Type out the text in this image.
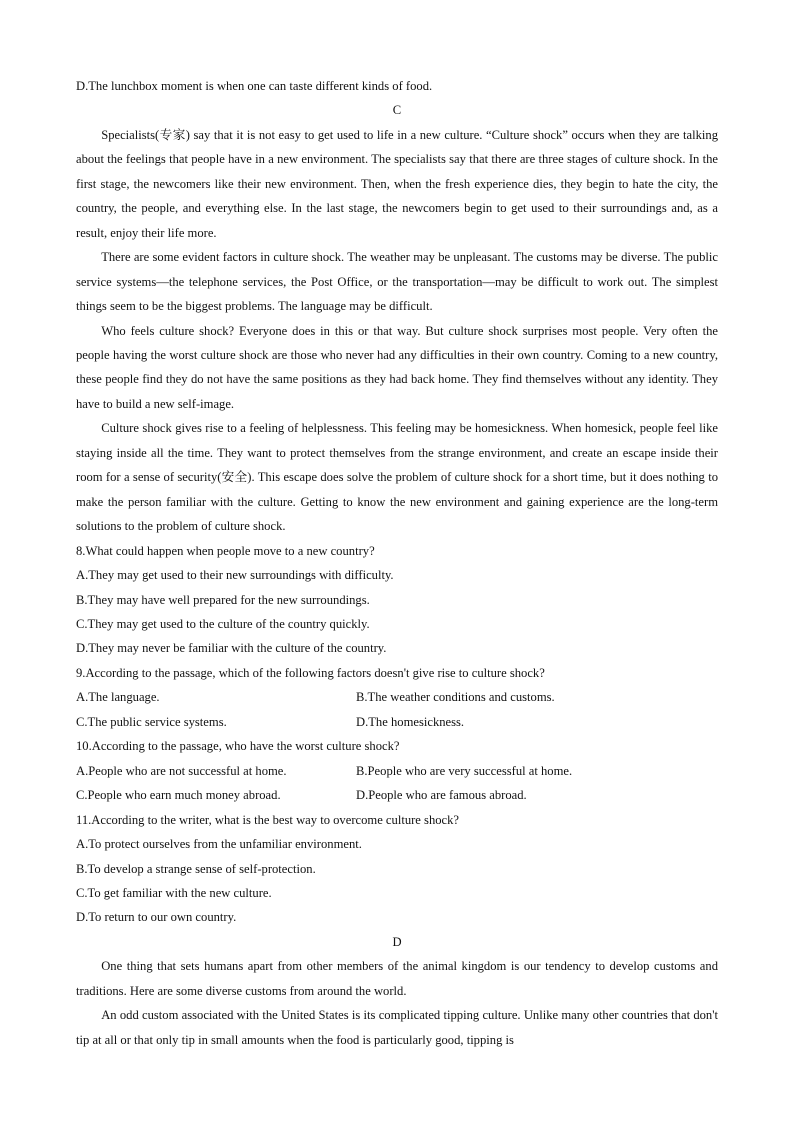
D.The lunchbox moment is when one can taste different kinds of food.

C

Specialists(专家) say that it is not easy to get used to life in a new culture. “Culture shock” occurs when they are talking about the feelings that people have in a new environment. The specialists say that there are three stages of culture shock. In the first stage, the newcomers like their new environment. Then, when the fresh experience dies, they begin to hate the city, the country, the people, and everything else. In the last stage, the newcomers begin to get used to their surroundings and, as a result, enjoy their life more.

There are some evident factors in culture shock. The weather may be unpleasant. The customs may be diverse. The public service systems—the telephone services, the Post Office, or the transportation—may be difficult to work out. The simplest things seem to be the biggest problems. The language may be difficult.

Who feels culture shock? Everyone does in this or that way. But culture shock surprises most people. Very often the people having the worst culture shock are those who never had any difficulties in their own country. Coming to a new country, these people find they do not have the same positions as they had back home. They find themselves without any identity. They have to build a new self-image.

Culture shock gives rise to a feeling of helplessness. This feeling may be homesickness. When homesick, people feel like staying inside all the time. They want to protect themselves from the strange environment, and create an escape inside their room for a sense of security(安全). This escape does solve the problem of culture shock for a short time, but it does nothing to make the person familiar with the culture. Getting to know the new environment and gaining experience are the long-term solutions to the problem of culture shock.

8.What could happen when people move to a new country?

A.They may get used to their new surroundings with difficulty.

B.They may have well prepared for the new surroundings.

C.They may get used to the culture of the country quickly.

D.They may never be familiar with the culture of the country.

9.According to the passage, which of the following factors doesn't give rise to culture shock?

A.The language.	B.The weather conditions and customs.
C.The public service systems.	D.The homesickness.

10.According to the passage, who have the worst culture shock?

A.People who are not successful at home.	B.People who are very successful at home.
C.People who earn much money abroad.	D.People who are famous abroad.

11.According to the writer, what is the best way to overcome culture shock?

A.To protect ourselves from the unfamiliar environment.

B.To develop a strange sense of self-protection.

C.To get familiar with the new culture.

D.To return to our own country.

D

One thing that sets humans apart from other members of the animal kingdom is our tendency to develop customs and traditions. Here are some diverse customs from around the world.

An odd custom associated with the United States is its complicated tipping culture. Unlike many other countries that don't tip at all or that only tip in small amounts when the food is particularly good, tipping is
